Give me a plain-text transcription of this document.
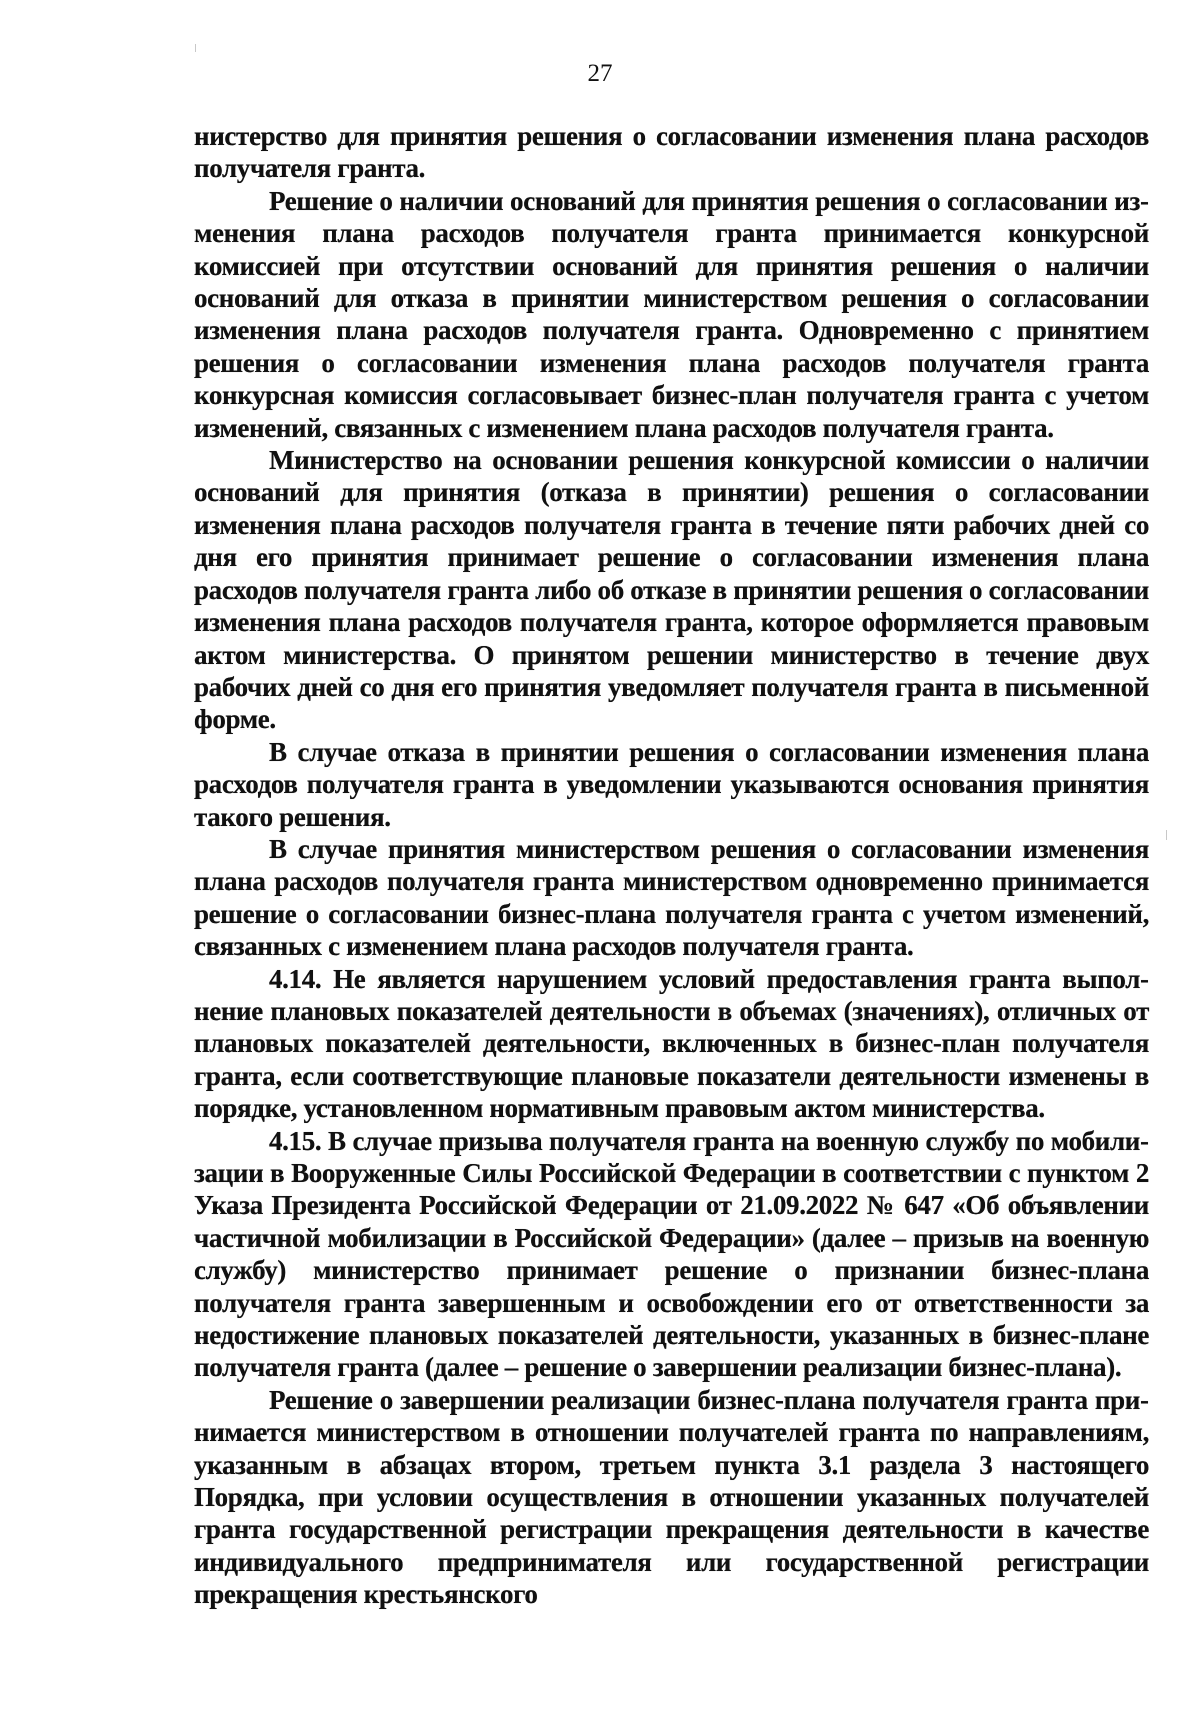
27

нистерство для принятия решения о согласовании изменения плана расходов получателя гранта.

Решение о наличии оснований для принятия решения о согласовании изменения плана расходов получателя гранта принимается конкурсной комиссией при отсутствии оснований для принятия решения о наличии оснований для отказа в принятии министерством решения о согласовании изменения плана расходов получателя гранта. Одновременно с принятием решения о согласовании изменения плана расходов получателя гранта конкурсная комиссия согласовывает бизнес-план получателя гранта с учетом изменений, связанных с изменением плана расходов получателя гранта.

Министерство на основании решения конкурсной комиссии о наличии оснований для принятия (отказа в принятии) решения о согласовании изменения плана расходов получателя гранта в течение пяти рабочих дней со дня его принятия принимает решение о согласовании изменения плана расходов получателя гранта либо об отказе в принятии решения о согласовании изменения плана расходов получателя гранта, которое оформляется правовым актом министерства. О принятом решении министерство в течение двух рабочих дней со дня его принятия уведомляет получателя гранта в письменной форме.

В случае отказа в принятии решения о согласовании изменения плана расходов получателя гранта в уведомлении указываются основания принятия такого решения.

В случае принятия министерством решения о согласовании изменения плана расходов получателя гранта министерством одновременно принимается решение о согласовании бизнес-плана получателя гранта с учетом изменений, связанных с изменением плана расходов получателя гранта.

4.14. Не является нарушением условий предоставления гранта выполнение плановых показателей деятельности в объемах (значениях), отличных от плановых показателей деятельности, включенных в бизнес-план получателя гранта, если соответствующие плановые показатели деятельности изменены в порядке, установленном нормативным правовым актом министерства.

4.15. В случае призыва получателя гранта на военную службу по мобилизации в Вооруженные Силы Российской Федерации в соответствии с пунктом 2 Указа Президента Российской Федерации от 21.09.2022 № 647 «Об объявлении частичной мобилизации в Российской Федерации» (далее – призыв на военную службу) министерство принимает решение о признании бизнес-плана получателя гранта завершенным и освобождении его от ответственности за недостижение плановых показателей деятельности, указанных в бизнес-плане получателя гранта (далее – решение о завершении реализации бизнес-плана).

Решение о завершении реализации бизнес-плана получателя гранта принимается министерством в отношении получателей гранта по направлениям, указанным в абзацах втором, третьем пункта 3.1 раздела 3 настоящего Порядка, при условии осуществления в отношении указанных получателей гранта государственной регистрации прекращения деятельности в качестве индивидуального предпринимателя или государственной регистрации прекращения крестьянского
